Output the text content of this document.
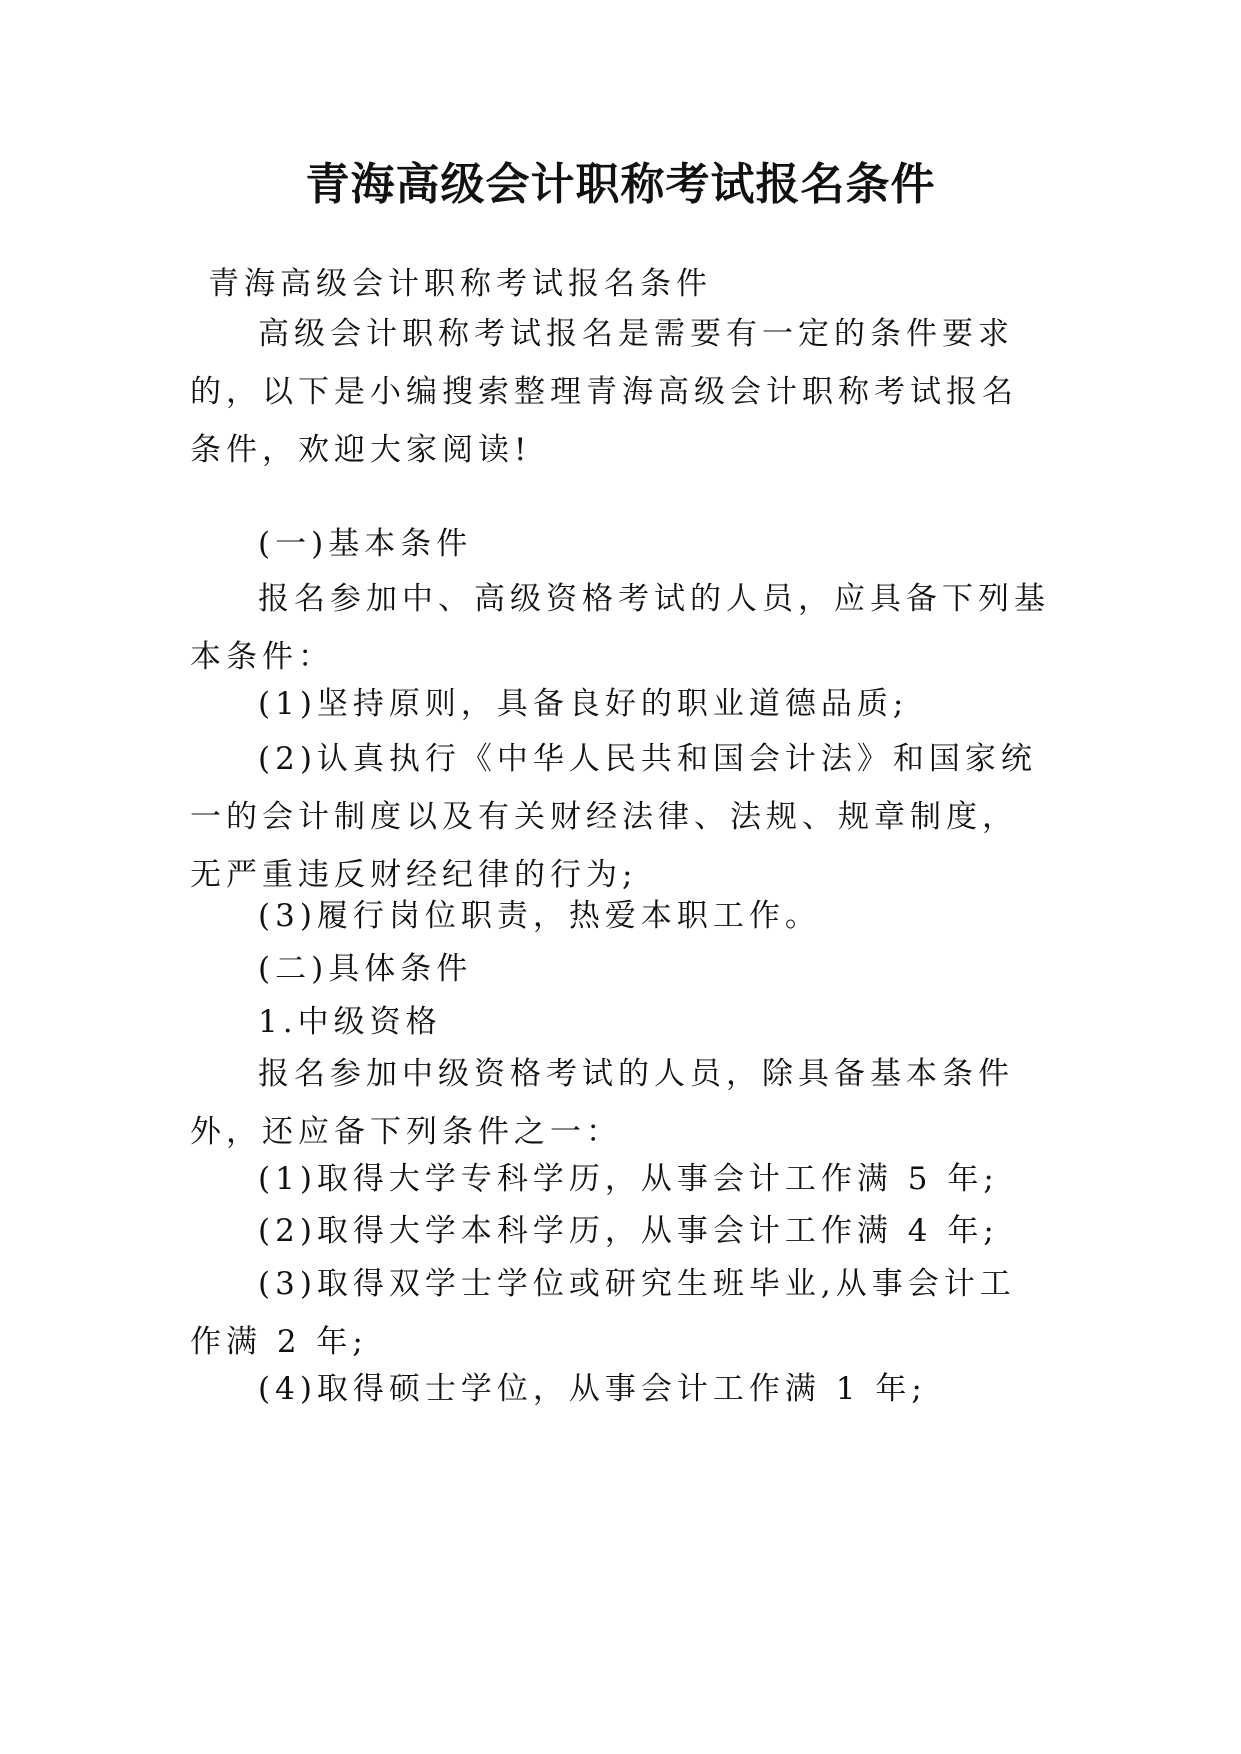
青海高级会计职称考试报名条件

青海高级会计职称考试报名条件

高级会计职称考试报名是需要有一定的条件要求的，以下是小编搜索整理青海高级会计职称考试报名条件，欢迎大家阅读!

(一)基本条件

报名参加中、高级资格考试的人员，应具备下列基本条件：

(1)坚持原则，具备良好的职业道德品质;

(2)认真执行《中华人民共和国会计法》和国家统一的会计制度以及有关财经法律、法规、规章制度，无严重违反财经纪律的行为;

(3)履行岗位职责，热爱本职工作。

(二)具体条件

1.中级资格

报名参加中级资格考试的人员，除具备基本条件外，还应备下列条件之一：

(1)取得大学专科学历，从事会计工作满 5 年;

(2)取得大学本科学历，从事会计工作满 4 年;

(3)取得双学士学位或研究生班毕业,从事会计工作满 2 年;

(4)取得硕士学位，从事会计工作满 1 年;
